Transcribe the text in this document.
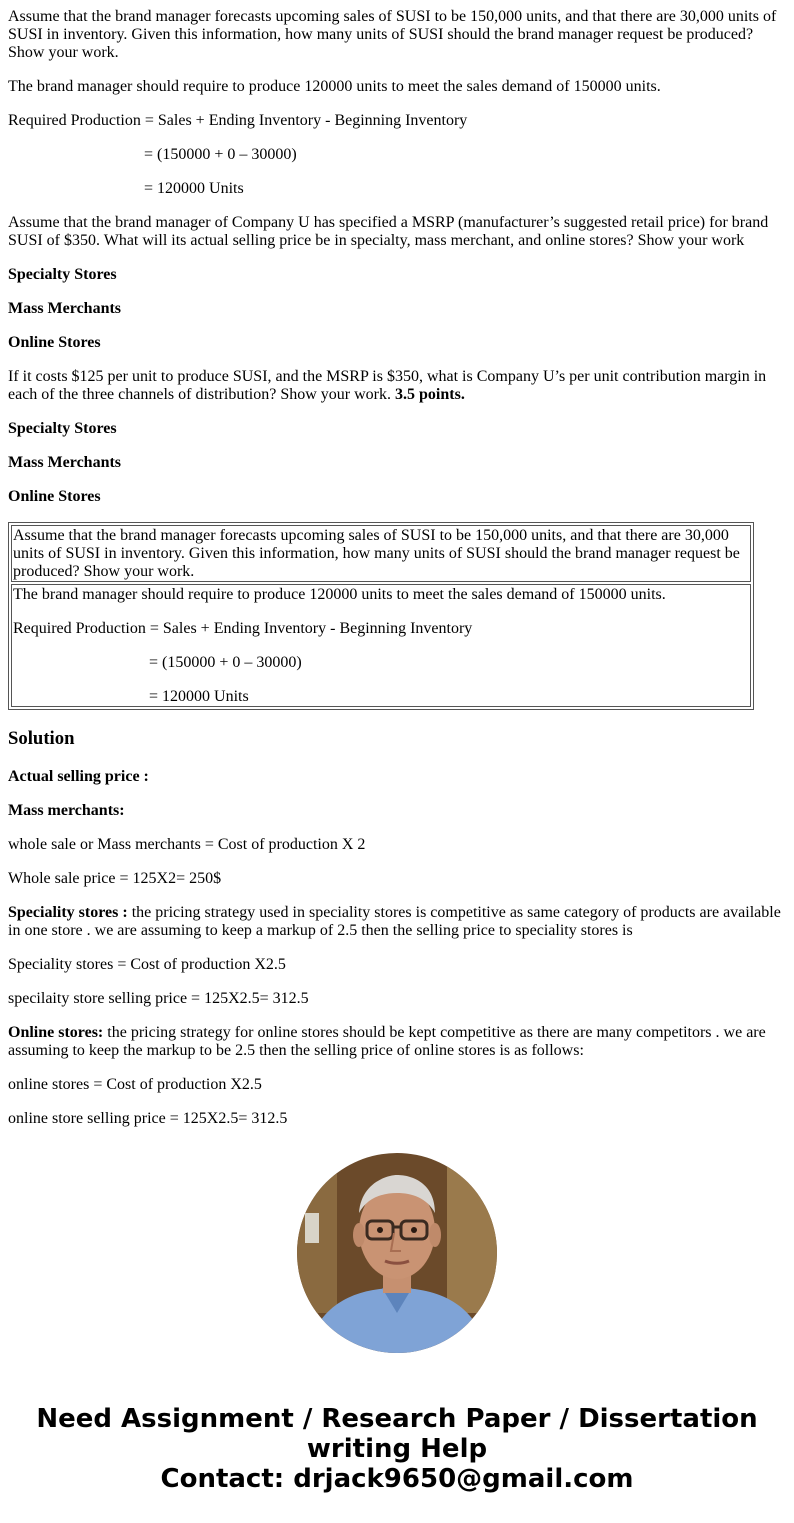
Assume that the brand manager forecasts upcoming sales of SUSI to be 150,000 units, and that there are 30,000 units of SUSI in inventory. Given this information, how many units of SUSI should the brand manager request be produced? Show your work.

The brand manager should require to produce 120000 units to meet the sales demand of 150000 units.

Required Production = Sales + Ending Inventory - Beginning Inventory

= (150000 + 0 – 30000)

= 120000 Units

Assume that the brand manager of Company U has specified a MSRP (manufacturer’s suggested retail price) for brand SUSI of $350. What will its actual selling price be in specialty, mass merchant, and online stores? Show your work

Specialty Stores

Mass Merchants

Online Stores

If it costs $125 per unit to produce SUSI, and the MSRP is $350, what is Company U’s per unit contribution margin in each of the three channels of distribution? Show your work. 3.5 points.

Specialty Stores

Mass Merchants

Online Stores

Assume that the brand manager forecasts upcoming sales of SUSI to be 150,000 units, and that there are 30,000 units of SUSI in inventory. Given this information, how many units of SUSI should the brand manager request be produced? Show your work.

The brand manager should require to produce 120000 units to meet the sales demand of 150000 units.

Required Production = Sales + Ending Inventory - Beginning Inventory

= (150000 + 0 – 30000)

= 120000 Units

Solution

Actual selling price :

Mass merchants:

whole sale or Mass merchants = Cost of production X 2

Whole sale price = 125X2= 250$

Speciality stores : the pricing strategy used in speciality stores is competitive as same category of products are available in one store . we are assuming to keep a markup of 2.5 then the selling price to speciality stores is

Speciality stores = Cost of production X2.5

specilaity store selling price = 125X2.5= 312.5

Online stores: the pricing strategy for online stores should be kept competitive as there are many competitors . we are assuming to keep the markup to be 2.5 then the selling price of online stores is as follows:

online stores = Cost of production X2.5

online store selling price = 125X2.5= 312.5

Need Assignment / Research Paper / Dissertation
writing Help
Contact: drjack9650@gmail.com
